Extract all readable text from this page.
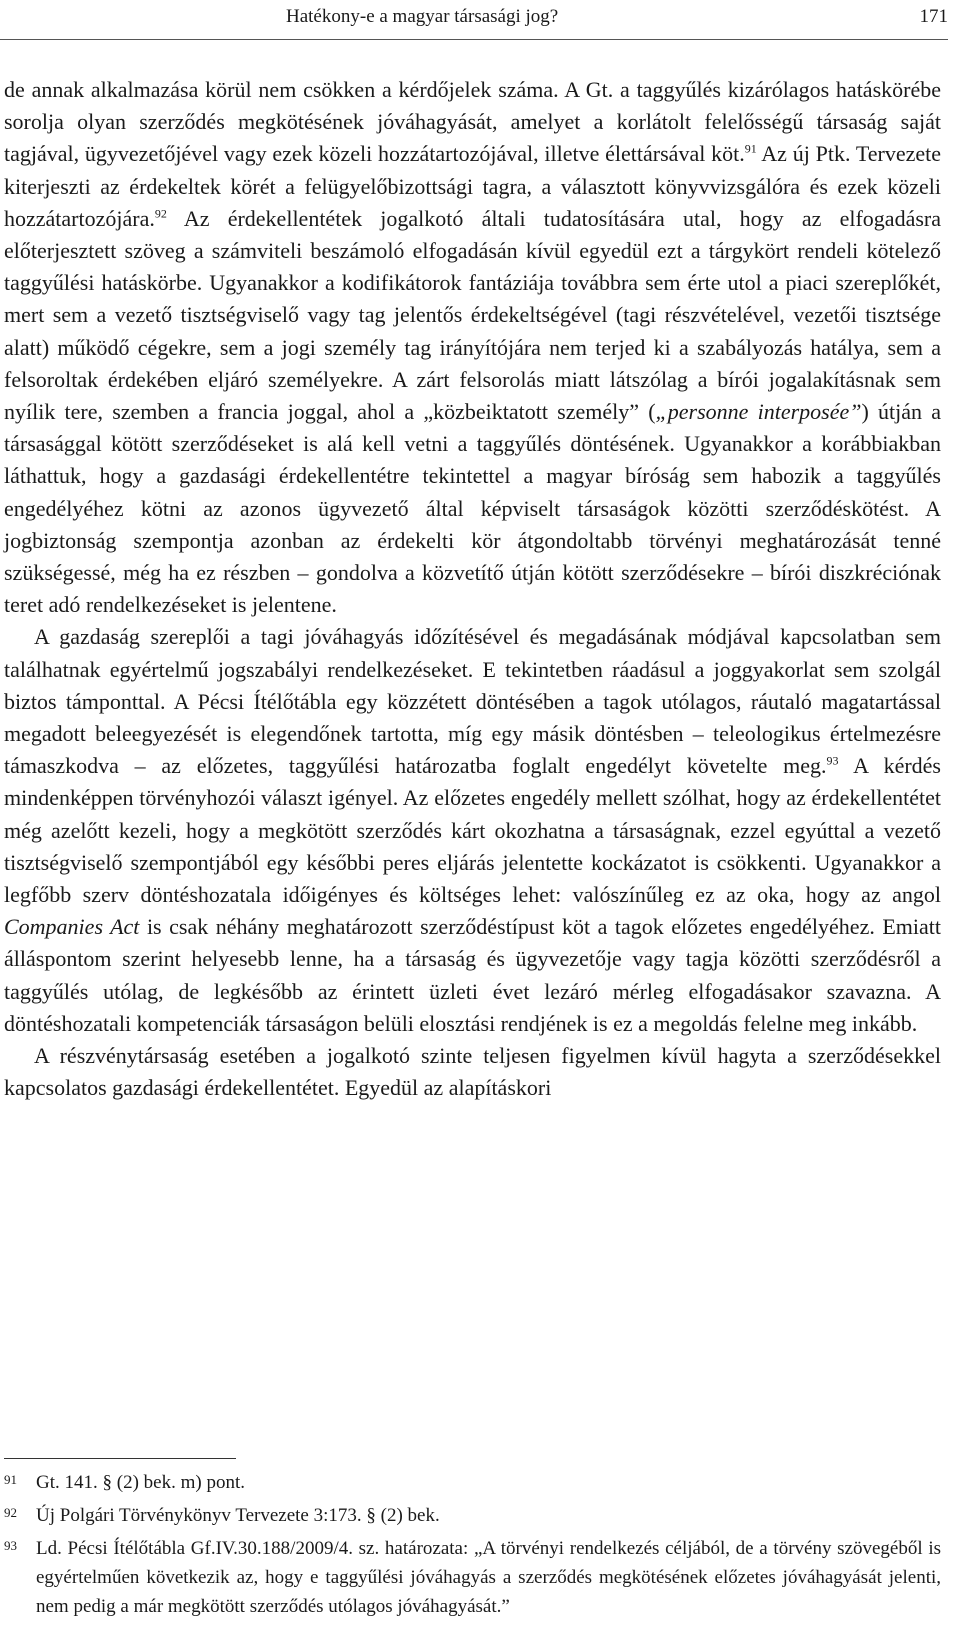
Hatékony-e a magyar társasági jog?	171

de annak alkalmazása körül nem csökken a kérdőjelek száma. A Gt. a taggyűlés kizárólagos hatáskörébe sorolja olyan szerződés megkötésének jóváhagyását, amelyet a korlátolt felelősségű társaság saját tagjával, ügyvezetőjével vagy ezek közeli hozzátartozójával, illetve élettársával köt.$^{91}$ Az új Ptk. Tervezete kiterjeszti az érdekeltek körét a felügyelőbizottsági tagra, a választott könyvvizsgálóra és ezek közeli hozzátartozójára.$^{92}$ Az érdekellentétek jogalkotó általi tudatosítására utal, hogy az elfogadásra előterjesztett szöveg a számviteli beszámoló elfogadásán kívül egyedül ezt a tárgykört rendeli kötelező taggyűlési hatáskörbe. Ugyanakkor a kodifikátorok fantáziája továbbra sem érte utol a piaci szereplőkét, mert sem a vezető tisztségviselő vagy tag jelentős érdekeltségével (tagi részvételével, vezetői tisztsége alatt) működő cégekre, sem a jogi személy tag irányítójára nem terjed ki a szabályozás hatálya, sem a felsoroltak érdekében eljáró személyekre. A zárt felsorolás miatt látszólag a bírói jogalakításnak sem nyílik tere, szemben a francia joggal, ahol a „közbeiktatott személy” („personne interposée”) útján a társasággal kötött szerződéseket is alá kell vetni a taggyűlés döntésének. Ugyanakkor a korábbiakban láthattuk, hogy a gazdasági érdekellentétre tekintettel a magyar bíróság sem habozik a taggyűlés engedélyéhez kötni az azonos ügyvezető által képviselt társaságok közötti szerződéskötést. A jogbiztonság szempontja azonban az érdekelti kör átgondoltabb törvényi meghatározását tenné szükségessé, még ha ez részben – gondolva a közvetítő útján kötött szerződésekre – bírói diszkréciónak teret adó rendelkezéseket is jelentene.

A gazdaság szereplői a tagi jóváhagyás időzítésével és megadásának módjával kapcsolatban sem találhatnak egyértelmű jogszabályi rendelkezéseket. E tekintetben ráadásul a joggyakorlat sem szolgál biztos támponttal. A Pécsi Ítélőtábla egy közzétett döntésében a tagok utólagos, ráutaló magatartással megadott beleegyezését is elegendőnek tartotta, míg egy másik döntésben – teleologikus értelmezésre támaszkodva – az előzetes, taggyűlési határozatba foglalt engedélyt követelte meg.$^{93}$ A kérdés mindenképpen törvényhozói választ igényel. Az előzetes engedély mellett szólhat, hogy az érdekellentétet még azelőtt kezeli, hogy a megkötött szerződés kárt okozhatna a társaságnak, ezzel egyúttal a vezető tisztségviselő szempontjából egy későbbi peres eljárás jelentette kockázatot is csökkenti. Ugyanakkor a legfőbb szerv döntéshozatala időigényes és költséges lehet: valószínűleg ez az oka, hogy az angol Companies Act is csak néhány meghatározott szerződéstípust köt a tagok előzetes engedélyéhez. Emiatt álláspontom szerint helyesebb lenne, ha a társaság és ügyvezetője vagy tagja közötti szerződésről a taggyűlés utólag, de legkésőbb az érintett üzleti évet lezáró mérleg elfogadásakor szavazna. A döntéshozatali kompetenciák társaságon belüli elosztási rendjének is ez a megoldás felelne meg inkább.

A részvénytársaság esetében a jogalkotó szinte teljesen figyelmen kívül hagyta a szerződésekkel kapcsolatos gazdasági érdekellentétet. Egyedül az alapításkori

91 Gt. 141. § (2) bek. m) pont.
92 Új Polgári Törvénykönyv Tervezete 3:173. § (2) bek.
93 Ld. Pécsi Ítélőtábla Gf.IV.30.188/2009/4. sz. határozata: „A törvényi rendelkezés céljából, de a törvény szövegéből is egyértelműen következik az, hogy e taggyűlési jóváhagyás a szerződés megkötésének előzetes jóváhagyását jelenti, nem pedig a már megkötött szerződés utólagos jóváhagyását.”
